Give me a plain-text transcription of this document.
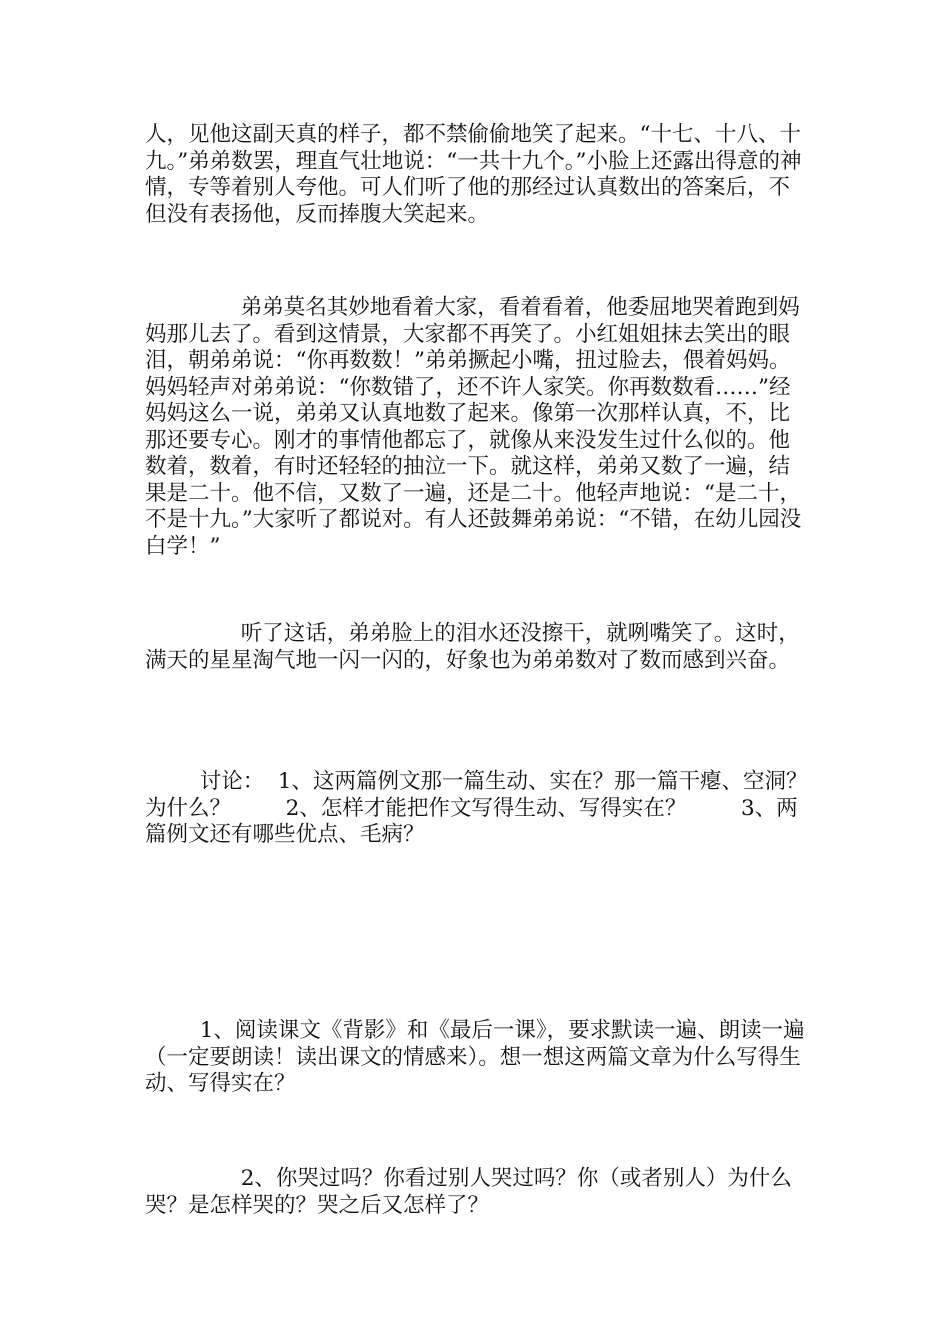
人，见他这副天真的样子，都不禁偷偷地笑了起来。“十七、十八、十九。”弟弟数罢，理直气壮地说：“一共十九个。”小脸上还露出得意的神情，专等着别人夸他。可人们听了他的那经过认真数出的答案后，不但没有表扬他，反而捧腹大笑起来。

弟弟莫名其妙地看着大家，看着看着，他委屈地哭着跑到妈妈那儿去了。看到这情景，大家都不再笑了。小红姐姐抹去笑出的眼泪，朝弟弟说：“你再数数！”弟弟撅起小嘴，扭过脸去，偎着妈妈。妈妈轻声对弟弟说：“你数错了，还不许人家笑。你再数数看……”经妈妈这么一说，弟弟又认真地数了起来。像第一次那样认真，不，比那还要专心。刚才的事情他都忘了，就像从来没发生过什么似的。他数着，数着，有时还轻轻的抽泣一下。就这样，弟弟又数了一遍，结果是二十。他不信，又数了一遍，还是二十。他轻声地说：“是二十，不是十九。”大家听了都说对。有人还鼓舞弟弟说：“不错，在幼儿园没白学！”

听了这话，弟弟脸上的泪水还没擦干，就咧嘴笑了。这时，满天的星星淘气地一闪一闪的，好象也为弟弟数对了数而感到兴奋。

讨论：  1、这两篇例文那一篇生动、实在？那一篇干瘪、空洞？为什么？        2、怎样才能把作文写得生动、写得实在？        3、两篇例文还有哪些优点、毛病？

1、阅读课文《背影》和《最后一课》，要求默读一遍、朗读一遍（一定要朗读！读出课文的情感来）。想一想这两篇文章为什么写得生动、写得实在？

2、你哭过吗？你看过别人哭过吗？你（或者别人）为什么哭？是怎样哭的？哭之后又怎样了？
